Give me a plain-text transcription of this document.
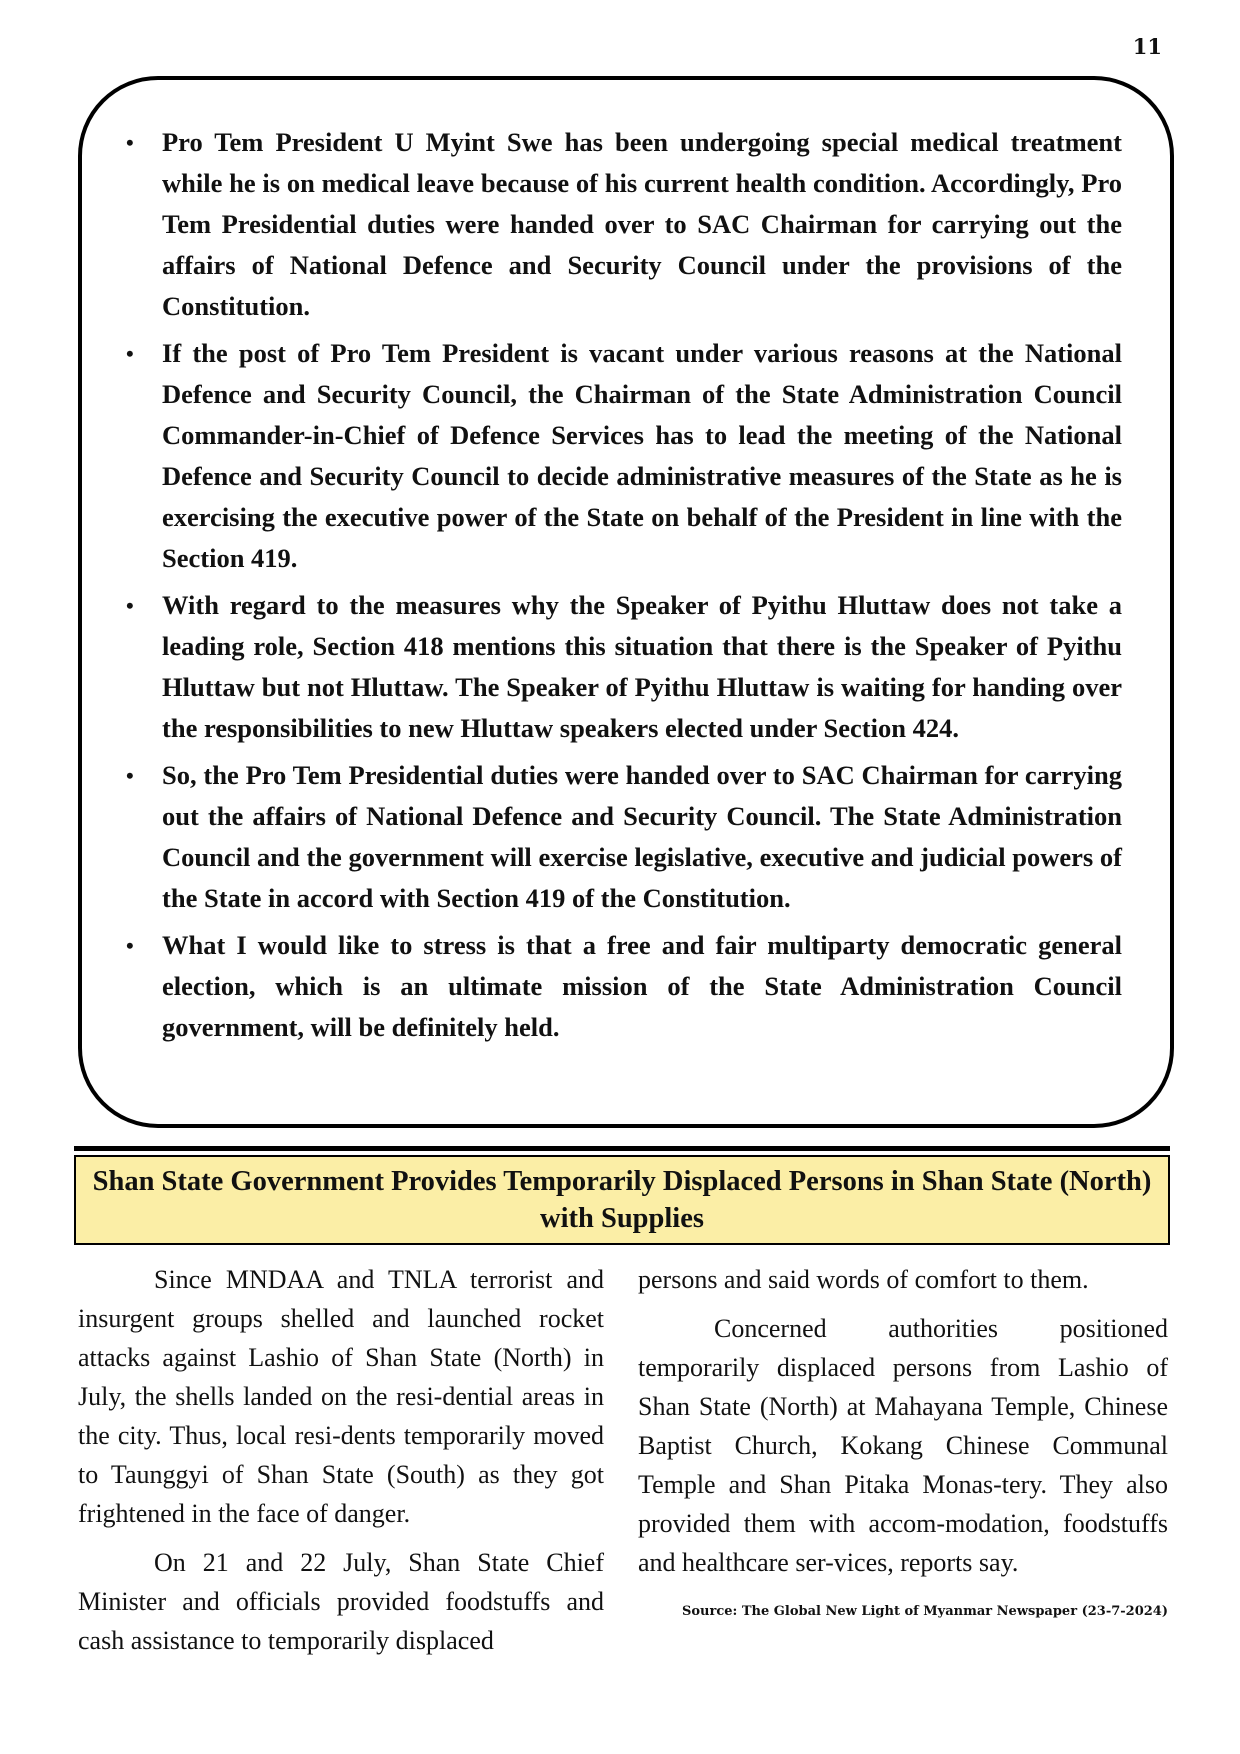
11
• Pro Tem President U Myint Swe has been undergoing special medical treatment while he is on medical leave because of his current health condition. Accordingly, Pro Tem Presidential duties were handed over to SAC Chairman for carrying out the affairs of National Defence and Security Council under the provisions of the Constitution.
• If the post of Pro Tem President is vacant under various reasons at the National Defence and Security Council, the Chairman of the State Administration Council Commander-in-Chief of Defence Services has to lead the meeting of the National Defence and Security Council to decide administrative measures of the State as he is exercising the executive power of the State on behalf of the President in line with the Section 419.
• With regard to the measures why the Speaker of Pyithu Hluttaw does not take a leading role, Section 418 mentions this situation that there is the Speaker of Pyithu Hluttaw but not Hluttaw. The Speaker of Pyithu Hluttaw is waiting for handing over the responsibilities to new Hluttaw speakers elected under Section 424.
• So, the Pro Tem Presidential duties were handed over to SAC Chairman for carrying out the affairs of National Defence and Security Council. The State Administration Council and the government will exercise legislative, executive and judicial powers of the State in accord with Section 419 of the Constitution.
• What I would like to stress is that a free and fair multiparty democratic general election, which is an ultimate mission of the State Administration Council government, will be definitely held.
Shan State Government Provides Temporarily Displaced Persons in Shan State (North) with Supplies

Since MNDAA and TNLA terrorist and insurgent groups shelled and launched rocket attacks against Lashio of Shan State (North) in July, the shells landed on the resi-dential areas in the city. Thus, local resi-dents temporarily moved to Taunggyi of Shan State (South) as they got frightened in the face of danger.

On 21 and 22 July, Shan State Chief Minister and officials provided foodstuffs and cash assistance to temporarily displaced

persons and said words of comfort to them.

Concerned authorities positioned temporarily displaced persons from Lashio of Shan State (North) at Mahayana Temple, Chinese Baptist Church, Kokang Chinese Communal Temple and Shan Pitaka Monas-tery. They also provided them with accom-modation, foodstuffs and healthcare ser-vices, reports say.

Source: The Global New Light of Myanmar Newspaper (23-7-2024)
